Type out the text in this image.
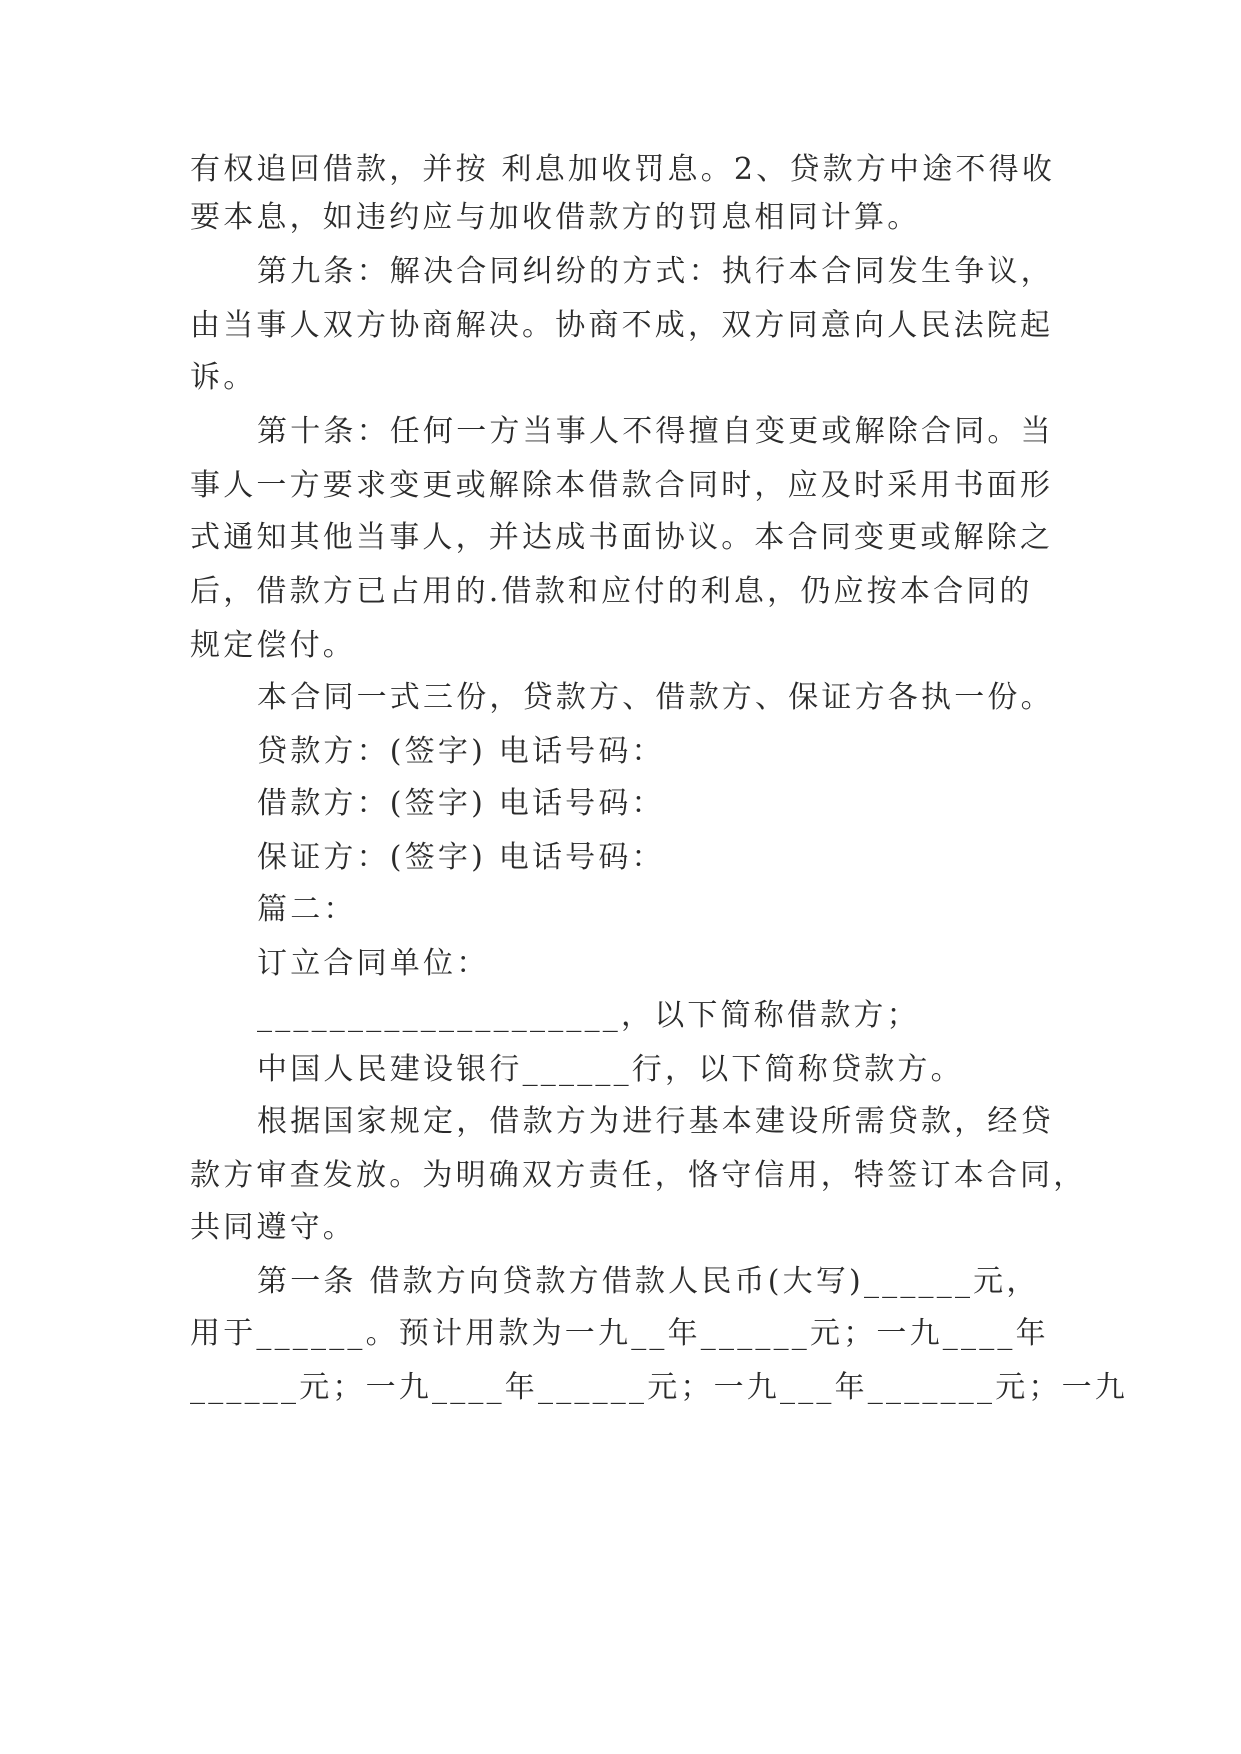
有权追回借款，并按 利息加收罚息。2、贷款方中途不得收
要本息，如违约应与加收借款方的罚息相同计算。
第九条：解决合同纠纷的方式：执行本合同发生争议，
由当事人双方协商解决。协商不成，双方同意向人民法院起
诉。
第十条：任何一方当事人不得擅自变更或解除合同。当
事人一方要求变更或解除本借款合同时，应及时采用书面形
式通知其他当事人，并达成书面协议。本合同变更或解除之
后，借款方已占用的.借款和应付的利息，仍应按本合同的
规定偿付。
本合同一式三份，贷款方、借款方、保证方各执一份。
贷款方：(签字) 电话号码：
借款方：(签字) 电话号码：
保证方：(签字) 电话号码：
篇二：
订立合同单位：
____________________，以下简称借款方；
中国人民建设银行______行，以下简称贷款方。
根据国家规定，借款方为进行基本建设所需贷款，经贷
款方审查发放。为明确双方责任，恪守信用，特签订本合同，
共同遵守。
第一条 借款方向贷款方借款人民币(大写)______元，
用于______。预计用款为一九__年______元；一九____年
______元；一九____年______元；一九___年_______元；一九
